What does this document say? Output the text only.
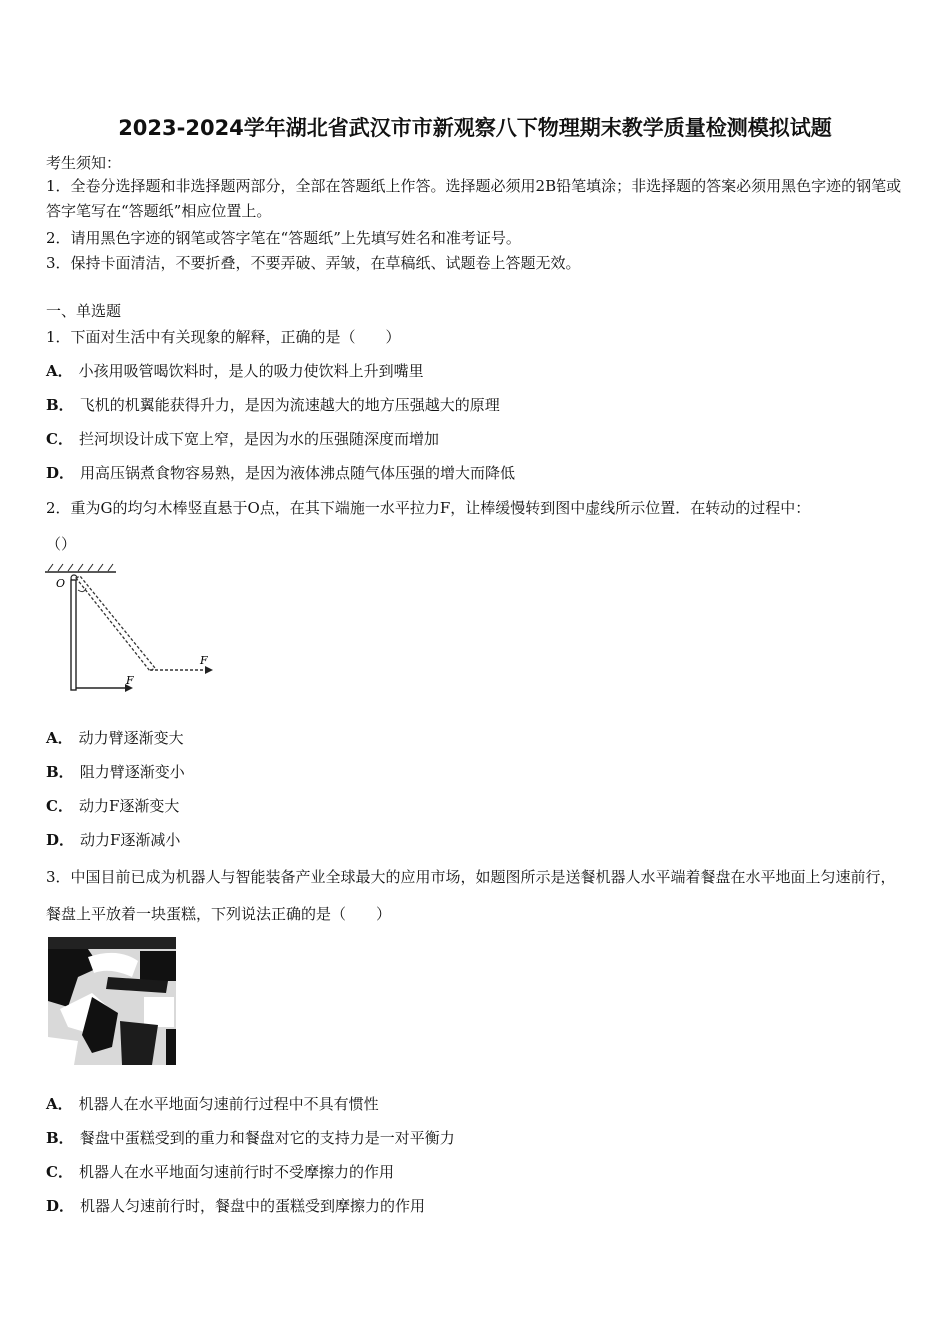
2023-2024学年湖北省武汉市市新观察八下物理期末教学质量检测模拟试题
考生须知：
1．全卷分选择题和非选择题两部分，全部在答题纸上作答。选择题必须用2B铅笔填涂；非选择题的答案必须用黑色字迹的钢笔或答字笔写在“答题纸”相应位置上。
2．请用黑色字迹的钢笔或答字笔在“答题纸”上先填写姓名和准考证号。
3．保持卡面清洁，不要折叠，不要弄破、弄皱，在草稿纸、试题卷上答题无效。
一、单选题
1．下面对生活中有关现象的解释，正确的是（　　）
A． 小孩用吸管喝饮料时，是人的吸力使饮料上升到嘴里
B． 飞机的机翼能获得升力，是因为流速越大的地方压强越大的原理
C． 拦河坝设计成下宽上窄，是因为水的压强随深度而增加
D． 用高压锅煮食物容易熟，是因为液体沸点随气体压强的增大而降低
2．重为G的均匀木棒竖直悬于O点，在其下端施一水平拉力F，让棒缓慢转到图中虚线所示位置．在转动的过程中：
（）
O
F
F
A． 动力臂逐渐变大
B． 阻力臂逐渐变小
C． 动力F逐渐变大
D． 动力F逐渐减小
3．中国目前已成为机器人与智能装备产业全球最大的应用市场，如题图所示是送餐机器人水平端着餐盘在水平地面上匀速前行，餐盘上平放着一块蛋糕，下列说法正确的是（　　）
A． 机器人在水平地面匀速前行过程中不具有惯性
B． 餐盘中蛋糕受到的重力和餐盘对它的支持力是一对平衡力
C． 机器人在水平地面匀速前行时不受摩擦力的作用
D． 机器人匀速前行时，餐盘中的蛋糕受到摩擦力的作用
